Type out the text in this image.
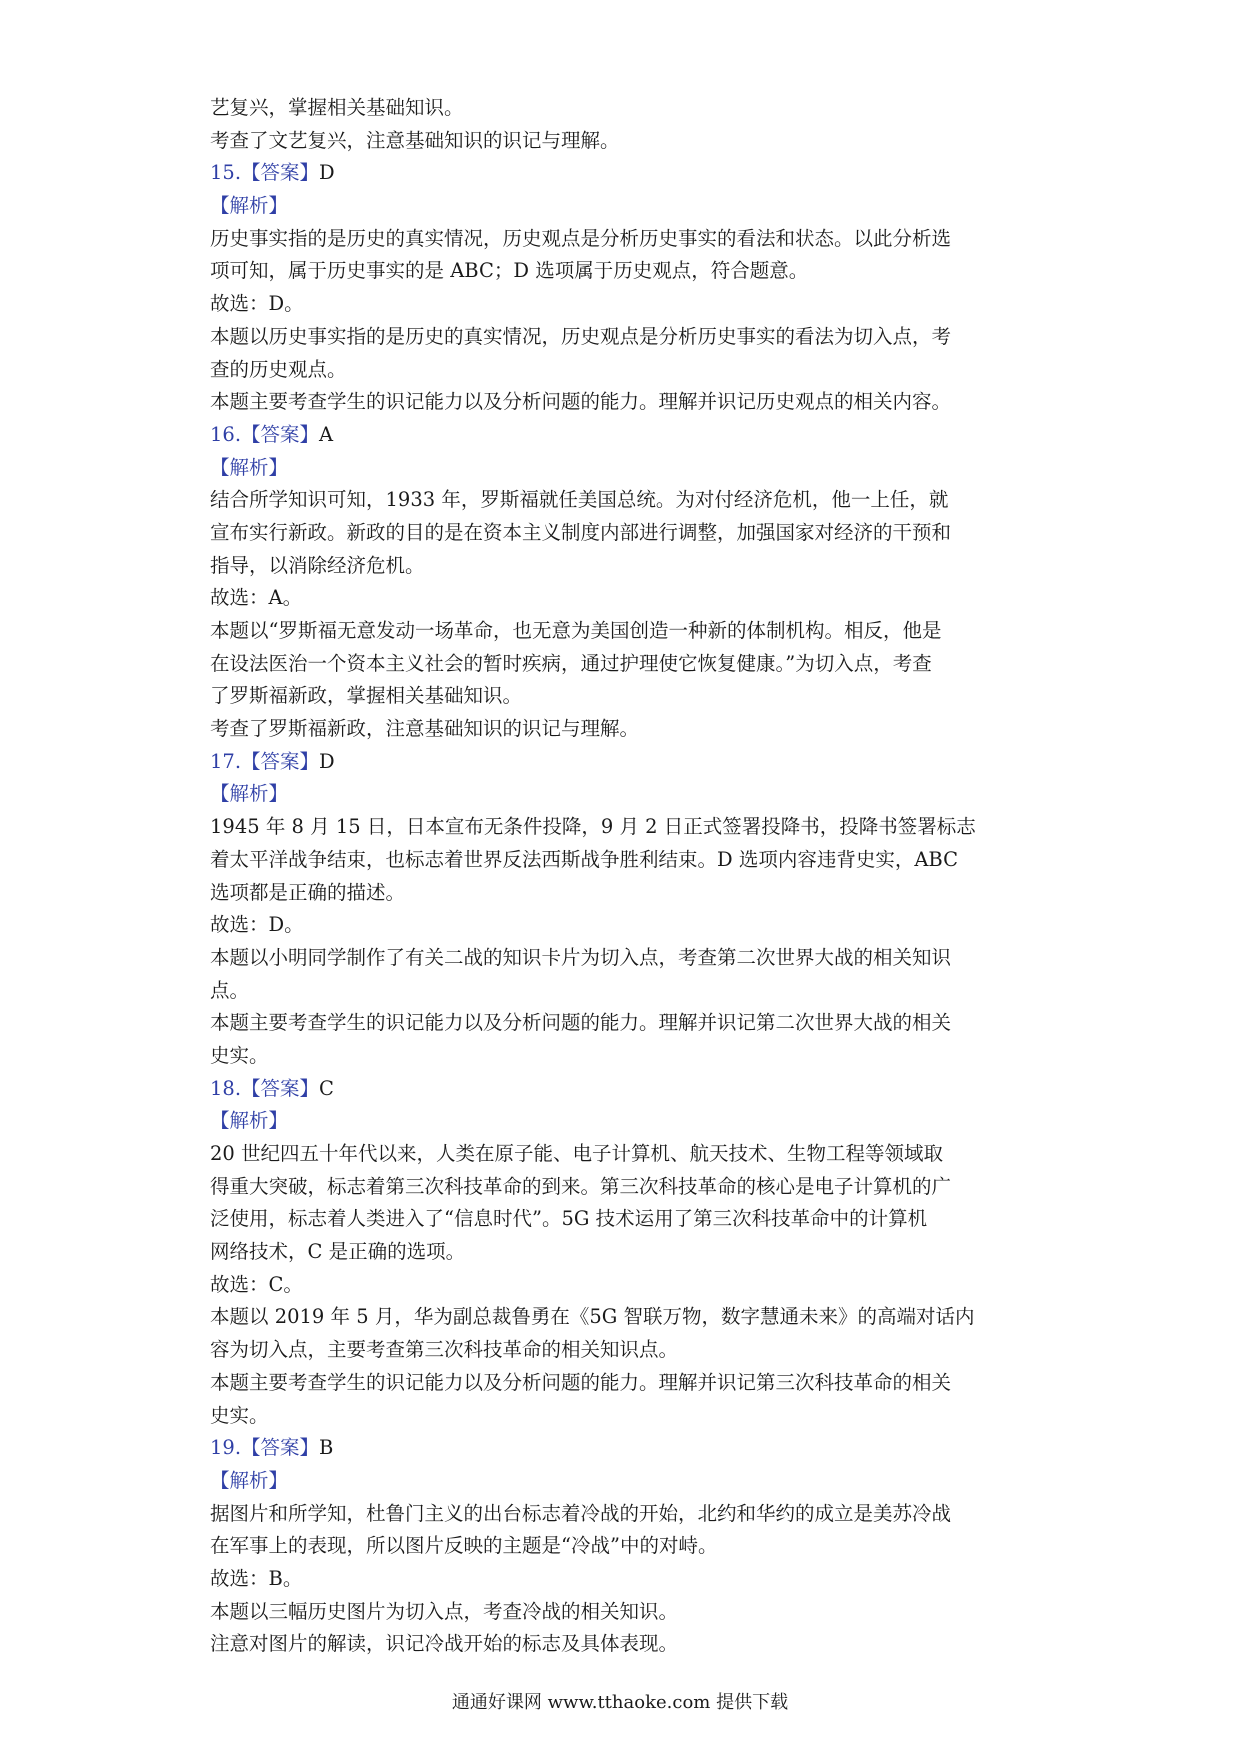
艺复兴，掌握相关基础知识。
考查了文艺复兴，注意基础知识的识记与理解。
15.【答案】D
【解析】
历史事实指的是历史的真实情况，历史观点是分析历史事实的看法和状态。以此分析选
项可知，属于历史事实的是 ABC；D 选项属于历史观点，符合题意。
故选：D。
本题以历史事实指的是历史的真实情况，历史观点是分析历史事实的看法为切入点，考
查的历史观点。
本题主要考查学生的识记能力以及分析问题的能力。理解并识记历史观点的相关内容。
16.【答案】A
【解析】
结合所学知识可知，1933 年，罗斯福就任美国总统。为对付经济危机，他一上任，就
宣布实行新政。新政的目的是在资本主义制度内部进行调整，加强国家对经济的干预和
指导，以消除经济危机。
故选：A。
本题以“罗斯福无意发动一场革命，也无意为美国创造一种新的体制机构。相反，他是
在设法医治一个资本主义社会的暂时疾病，通过护理使它恢复健康。”为切入点，考查
了罗斯福新政，掌握相关基础知识。
考查了罗斯福新政，注意基础知识的识记与理解。
17.【答案】D
【解析】
1945 年 8 月 15 日，日本宣布无条件投降，9 月 2 日正式签署投降书，投降书签署标志
着太平洋战争结束，也标志着世界反法西斯战争胜利结束。D 选项内容违背史实，ABC
选项都是正确的描述。
故选：D。
本题以小明同学制作了有关二战的知识卡片为切入点，考查第二次世界大战的相关知识
点。
本题主要考查学生的识记能力以及分析问题的能力。理解并识记第二次世界大战的相关
史实。
18.【答案】C
【解析】
20 世纪四五十年代以来，人类在原子能、电子计算机、航天技术、生物工程等领域取
得重大突破，标志着第三次科技革命的到来。第三次科技革命的核心是电子计算机的广
泛使用，标志着人类进入了“信息时代”。5G 技术运用了第三次科技革命中的计算机
网络技术，C 是正确的选项。
故选：C。
本题以 2019 年 5 月，华为副总裁鲁勇在《5G 智联万物，数字慧通未来》的高端对话内
容为切入点，主要考查第三次科技革命的相关知识点。
本题主要考查学生的识记能力以及分析问题的能力。理解并识记第三次科技革命的相关
史实。
19.【答案】B
【解析】
据图片和所学知，杜鲁门主义的出台标志着冷战的开始，北约和华约的成立是美苏冷战
在军事上的表现，所以图片反映的主题是“冷战”中的对峙。
故选：B。
本题以三幅历史图片为切入点，考查冷战的相关知识。
注意对图片的解读，识记冷战开始的标志及具体表现。
通通好课网 www.tthaoke.com 提供下载
